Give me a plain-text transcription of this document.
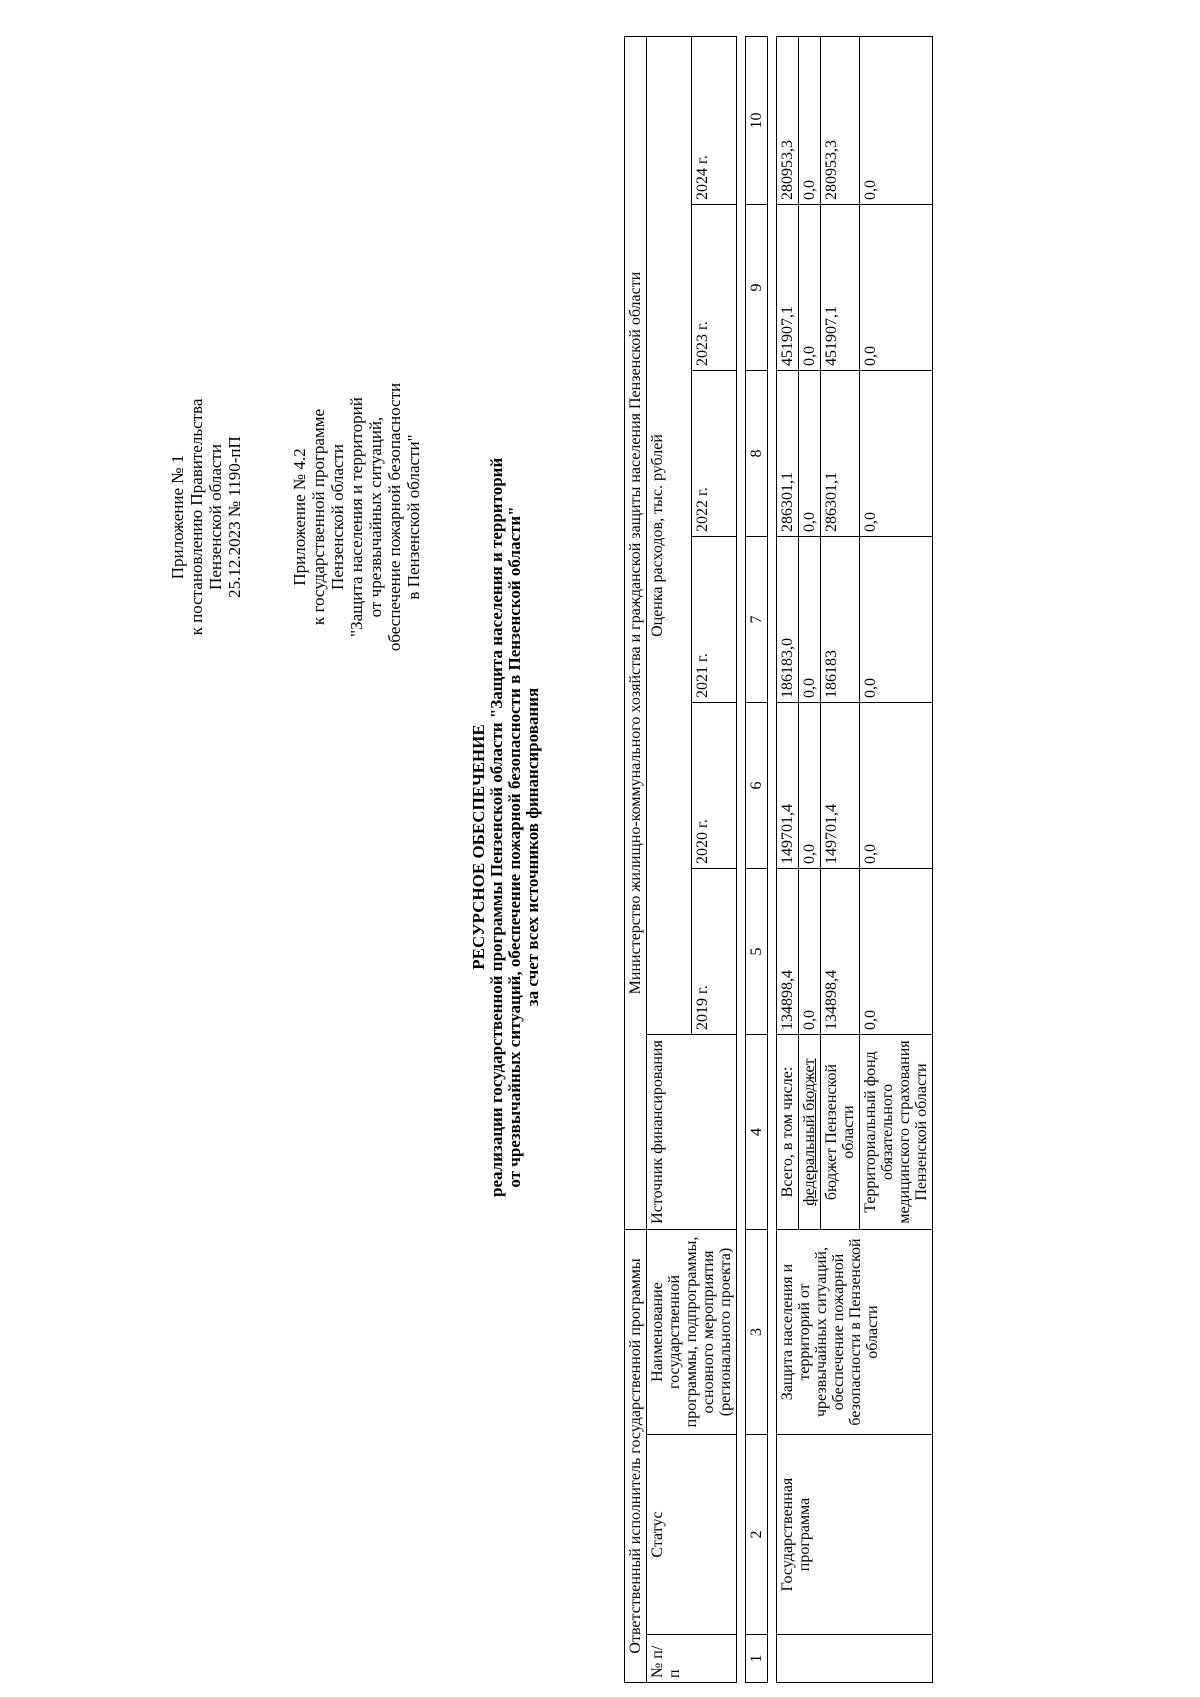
Приложение № 1 к постановлению Правительства Пензенской области 25.12.2023 № 1190-пП	Приложение № 4.2 к государственной программе Пензенской области "Защита населения и территорий от чрезвычайных ситуаций, обеспечение пожарной безопасности в Пензенской области"
РЕСУРСНОЕ ОБЕСПЕЧЕНИЕ реализации государственной программы Пензенской области "Защита населения и территорий от чрезвычайных ситуаций, обеспечение пожарной безопасности в Пензенской области" за счет всех источников финансирования
Ответственный исполнитель государственной программы			Министерство жилищно-коммунального хозяйства и гражданской защиты населения Пензенской области						
№ п/п	Статус	Наименование государственной программы, подпрограммы, основного мероприятия (регионального проекта)	Источник финансирования	Оценка расходов, тыс. рублей					
				2019 г.	2020 г.	2021 г.	2022 г.	2023 г.	2024 г.

1	2	3	4	5	6	7	8	9	10

	Государственная программа	Защита населения и территорий от чрезвычайных ситуаций, обеспечение пожарной безопасности в Пензенской области	Всего, в том числе:	134898,4	149701,4	186183,0	286301,1	451907,1	280953,3
			федеральный бюджет	0,0	0,0	0,0	0,0	0,0	0,0
			бюджет Пензенской области	134898,4	149701,4	186183	286301,1	451907,1	280953,3
			Территориальный фонд обязательного медицинского страхования Пензенской области	0,0	0,0	0,0	0,0	0,0	0,0
